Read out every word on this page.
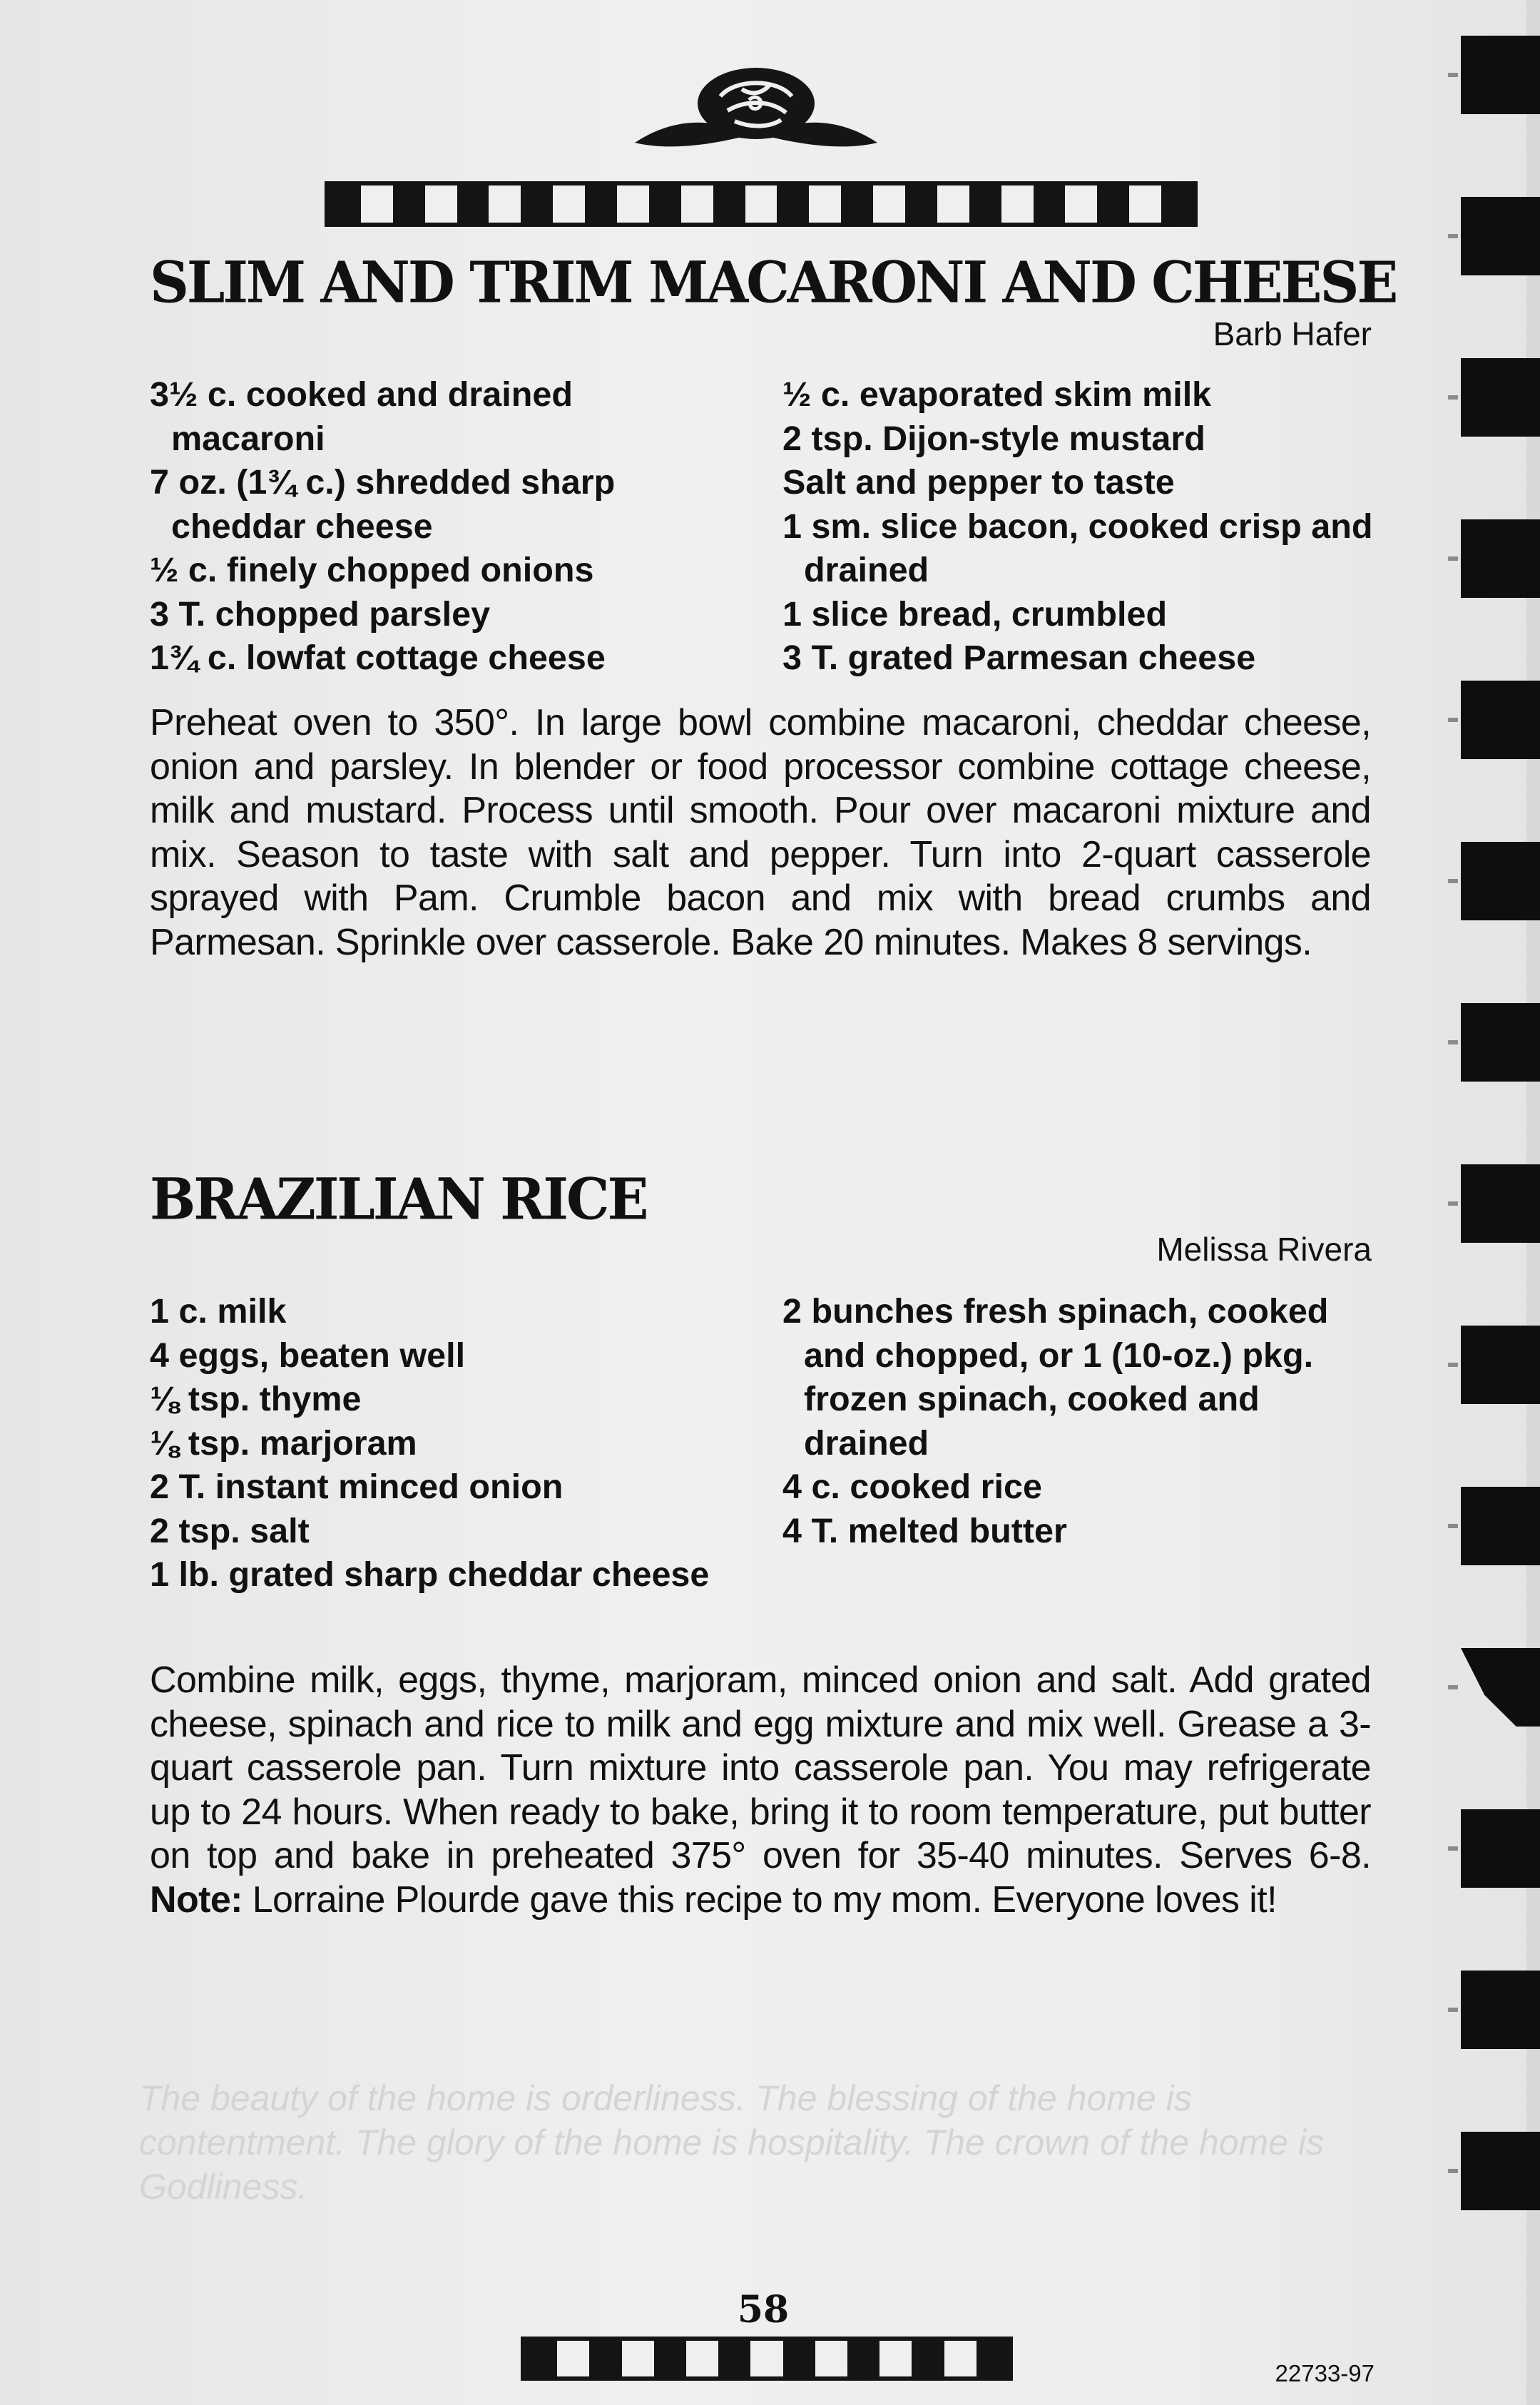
SLIM AND TRIM MACARONI AND CHEESE
Barb Hafer
3½ c. cooked and drained macaroni
7 oz. (1¾ c.) shredded sharp cheddar cheese
½ c. finely chopped onions
3 T. chopped parsley
1¾ c. lowfat cottage cheese
½ c. evaporated skim milk
2 tsp. Dijon-style mustard
Salt and pepper to taste
1 sm. slice bacon, cooked crisp and drained
1 slice bread, crumbled
3 T. grated Parmesan cheese

Preheat oven to 350°. In large bowl combine macaroni, cheddar cheese, onion and parsley. In blender or food processor combine cottage cheese, milk and mustard. Process until smooth. Pour over macaroni mixture and mix. Season to taste with salt and pepper. Turn into 2-quart casserole sprayed with Pam. Crumble bacon and mix with bread crumbs and Parmesan. Sprinkle over casserole. Bake 20 minutes. Makes 8 servings.

BRAZILIAN RICE
Melissa Rivera
1 c. milk
4 eggs, beaten well
⅛ tsp. thyme
⅛ tsp. marjoram
2 T. instant minced onion
2 tsp. salt
1 lb. grated sharp cheddar cheese
2 bunches fresh spinach, cooked and chopped, or 1 (10-oz.) pkg. frozen spinach, cooked and drained
4 c. cooked rice
4 T. melted butter

Combine milk, eggs, thyme, marjoram, minced onion and salt. Add grated cheese, spinach and rice to milk and egg mixture and mix well. Grease a 3-quart casserole pan. Turn mixture into casserole pan. You may refrigerate up to 24 hours. When ready to bake, bring it to room temperature, put butter on top and bake in preheated 375° oven for 35-40 minutes. Serves 6-8. Note: Lorraine Plourde gave this recipe to my mom. Everyone loves it!

The beauty of the home is orderliness. The blessing of the home is contentment. The glory of the home is hospitality. The crown of the home is Godliness.

58
22733-97
